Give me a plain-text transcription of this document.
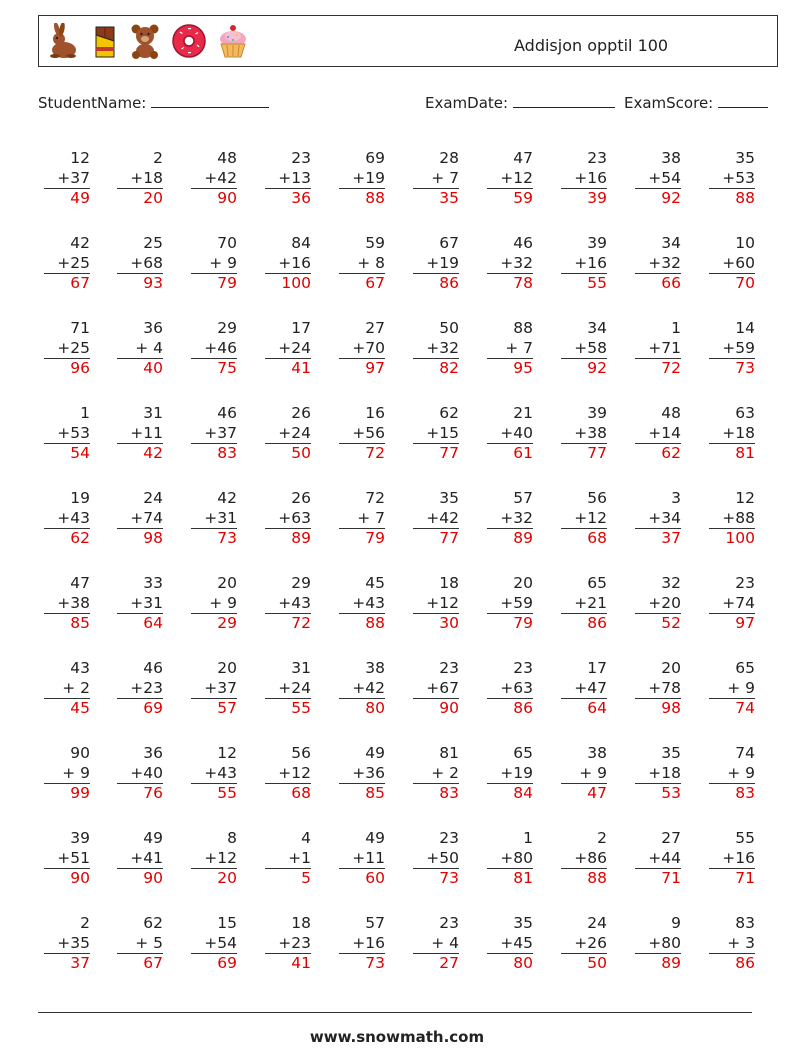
Addisjon opptil 100
StudentName:	ExamDate:	ExamScore:
12
+37
49
2
+18
20
48
+42
90
23
+13
36
69
+19
88
28
+ 7
35
47
+12
59
23
+16
39
38
+54
92
35
+53
88
42
+25
67
25
+68
93
70
+ 9
79
84
+16
100
59
+ 8
67
67
+19
86
46
+32
78
39
+16
55
34
+32
66
10
+60
70
71
+25
96
36
+ 4
40
29
+46
75
17
+24
41
27
+70
97
50
+32
82
88
+ 7
95
34
+58
92
1
+71
72
14
+59
73
1
+53
54
31
+11
42
46
+37
83
26
+24
50
16
+56
72
62
+15
77
21
+40
61
39
+38
77
48
+14
62
63
+18
81
19
+43
62
24
+74
98
42
+31
73
26
+63
89
72
+ 7
79
35
+42
77
57
+32
89
56
+12
68
3
+34
37
12
+88
100
47
+38
85
33
+31
64
20
+ 9
29
29
+43
72
45
+43
88
18
+12
30
20
+59
79
65
+21
86
32
+20
52
23
+74
97
43
+ 2
45
46
+23
69
20
+37
57
31
+24
55
38
+42
80
23
+67
90
23
+63
86
17
+47
64
20
+78
98
65
+ 9
74
90
+ 9
99
36
+40
76
12
+43
55
56
+12
68
49
+36
85
81
+ 2
83
65
+19
84
38
+ 9
47
35
+18
53
74
+ 9
83
39
+51
90
49
+41
90
8
+12
20
4
+1
5
49
+11
60
23
+50
73
1
+80
81
2
+86
88
27
+44
71
55
+16
71
2
+35
37
62
+ 5
67
15
+54
69
18
+23
41
57
+16
73
23
+ 4
27
35
+45
80
24
+26
50
9
+80
89
83
+ 3
86
www.snowmath.com
